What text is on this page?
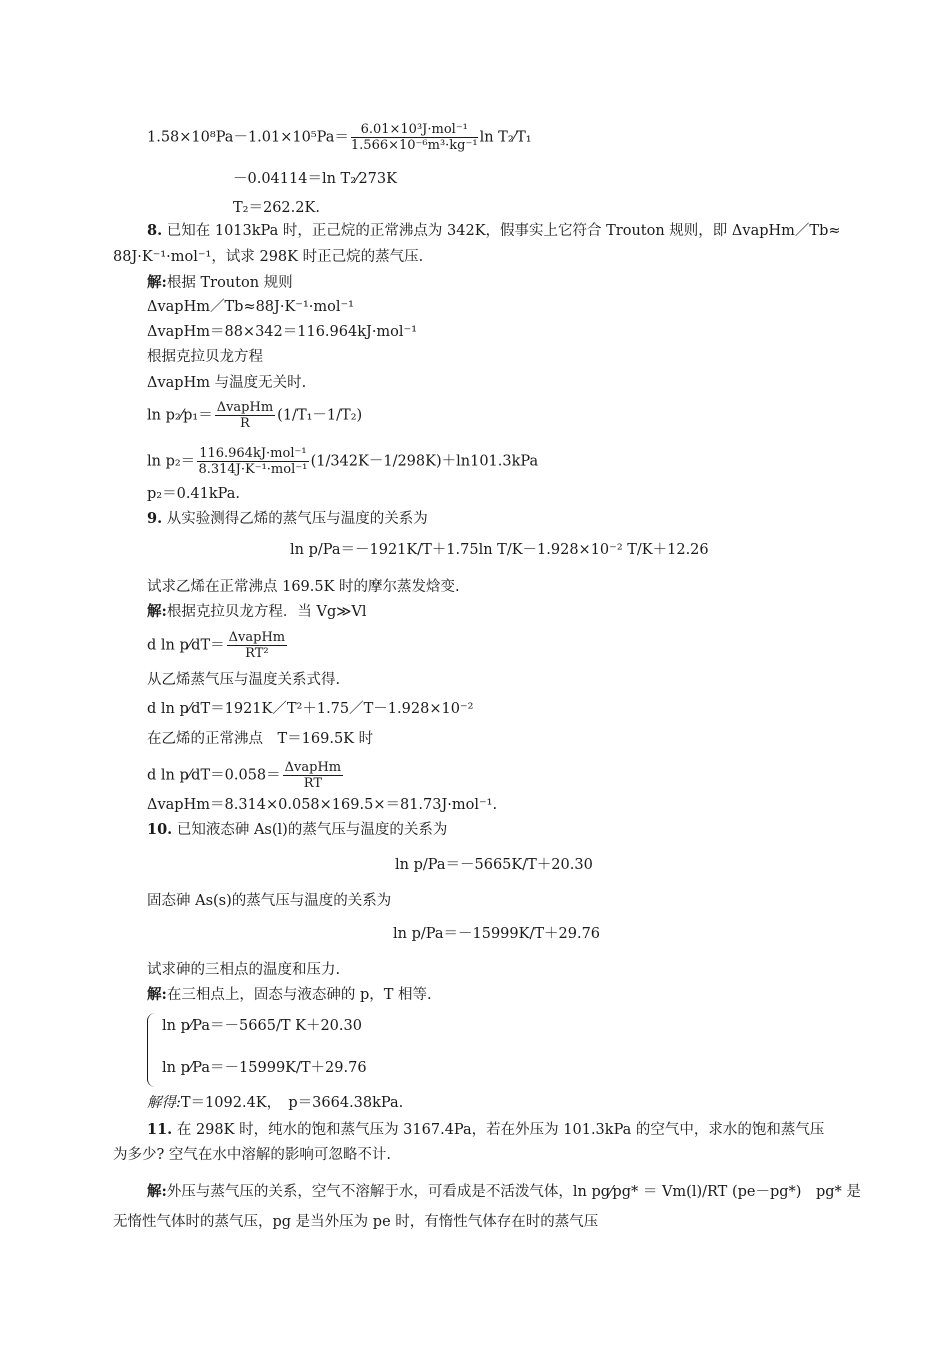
$1.58\times 10^8Pa-1.01\times 10^5Pa= \frac{\text{6.01×10³J·mol⁻¹}}{\text{1.566×10⁻⁶m³·kg⁻¹}}$ ln T₂⁄T₁
－0.04114＝ln T₂⁄273K
T₂＝262.2K.
8. 已知在 1013kPa 时，正己烷的正常沸点为 342K，假事实上它符合 Trouton 规则，即 ΔvapHm／Tb≈
88J·K⁻¹·mol⁻¹，试求 298K 时正己烷的蒸气压.
解:根据 Trouton 规则
ΔvapHm／Tb≈88J·K⁻¹·mol⁻¹
ΔvapHm＝88×342＝116.964kJ·mol⁻¹
根据克拉贝龙方程
ΔvapHm 与温度无关时.
ln p₂⁄p₁＝ $\frac{\text{ΔvapHm}}{R} (1/T_1-1/T_2)$
$\ln p_2= \frac{\text{116.964kJ·mol⁻¹}}{\text{8.314J·K⁻¹·mol⁻¹}} (1/342K-1/298K)+\ln 101.3kPa$
p₂＝0.41kPa.
9. 从实验测得乙烯的蒸气压与温度的关系为
ln p/Pa＝－1921K/T＋1.75ln T/K－1.928×10⁻² T/K＋12.26
试求乙烯在正常沸点 169.5K 时的摩尔蒸发焓变.
解:根据克拉贝龙方程．当 Vg≫Vl
d ln p⁄dT＝ $\frac{\text{ΔvapHm}}{\text{RT²}}$
从乙烯蒸气压与温度关系式得.
d ln p⁄dT＝1921K／T²＋1.75／T－1.928×10⁻²
在乙烯的正常沸点　T＝169.5K 时
d ln p⁄dT＝0.058＝ $\frac{\text{ΔvapHm}}{RT}$
ΔvapHm＝8.314×0.058×169.5×＝81.73J·mol⁻¹.
10. 已知液态砷 As(l)的蒸气压与温度的关系为
ln p/Pa＝－5665K/T＋20.30
固态砷 As(s)的蒸气压与温度的关系为
ln p/Pa＝－15999K/T＋29.76
试求砷的三相点的温度和压力.
解:在三相点上，固态与液态砷的 p，T 相等.
ln p⁄Pa＝－5665/T K＋20.30
ln p⁄Pa＝－15999K/T＋29.76
解得:T＝1092.4K，　p＝3664.38kPa.
11. 在 298K 时，纯水的饱和蒸气压为 3167.4Pa，若在外压为 101.3kPa 的空气中，求水的饱和蒸气压
为多少? 空气在水中溶解的影响可忽略不计.
解:外压与蒸气压的关系，空气不溶解于水，可看成是不活泼气体，ln pg⁄pg* ＝ Vm(l)/RT (pe－pg*)　pg* 是
无惰性气体时的蒸气压，pg 是当外压为 pe 时，有惰性气体存在时的蒸气压
